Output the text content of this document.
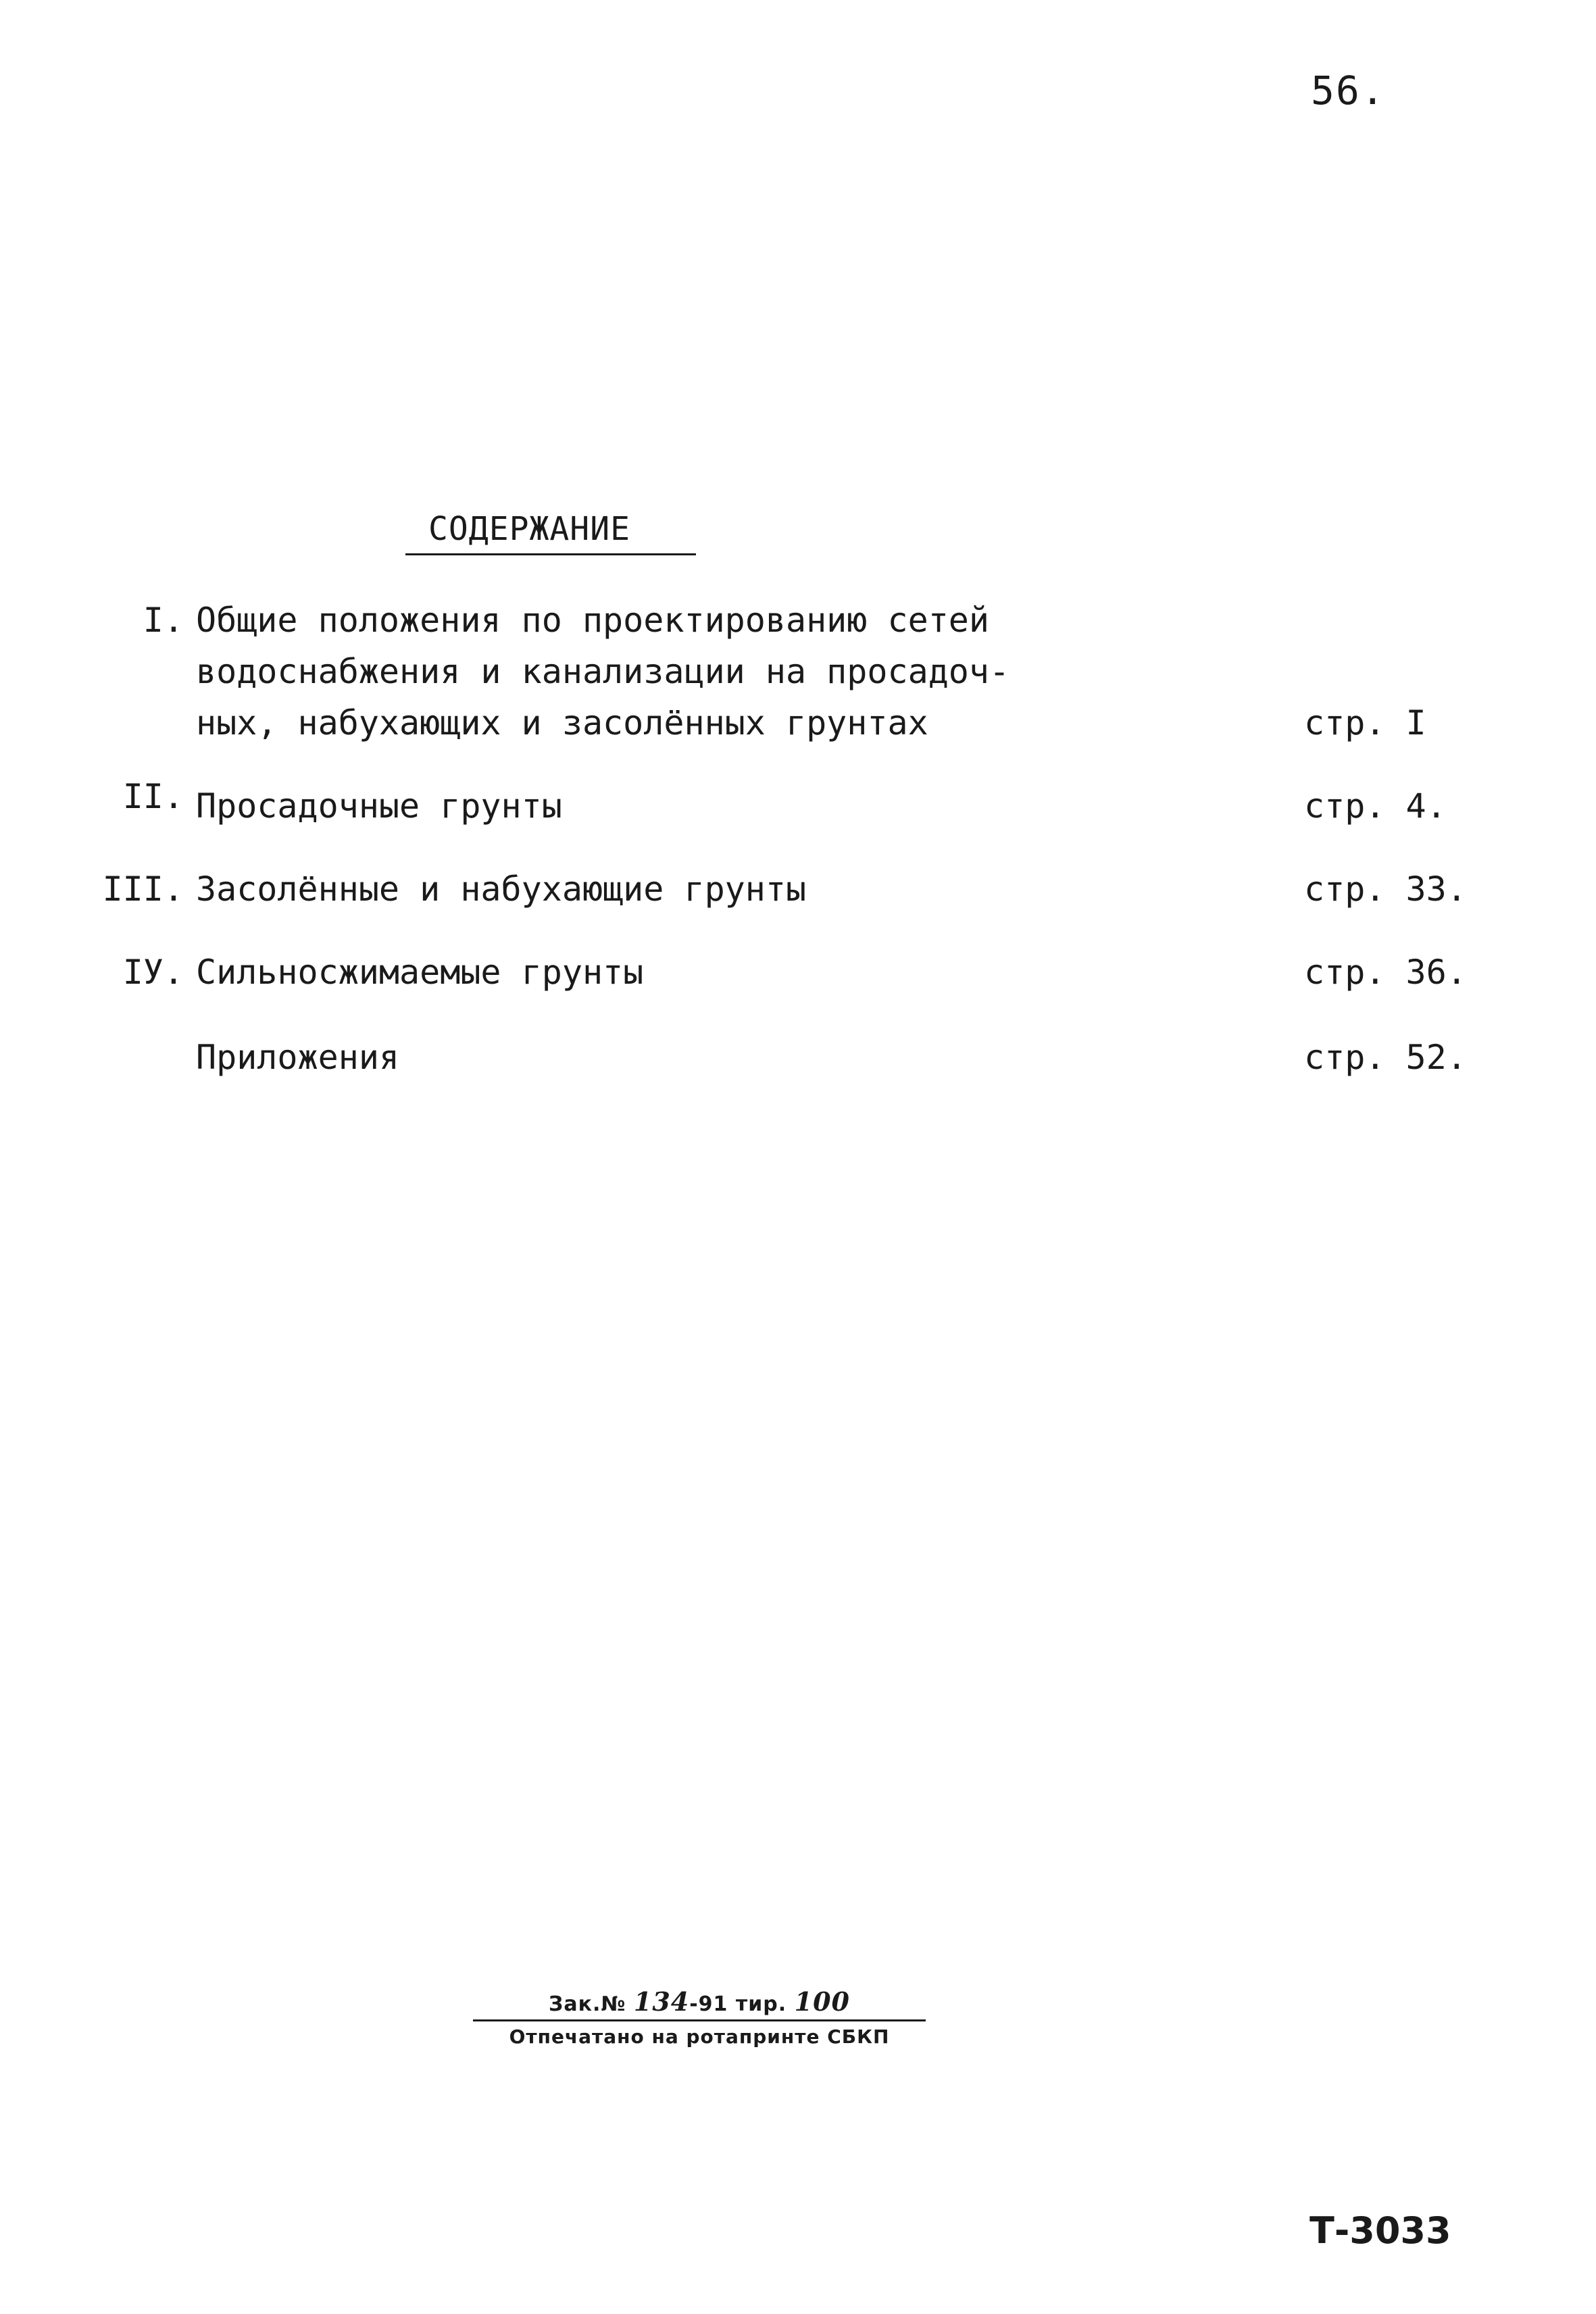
56.
СОДЕРЖАНИЕ
I. Общие положения по проектированию сетей
водоснабжения и канализации на просадоч-
ных, набухающих и засолённых грунтах	стр. I
II. Просадочные грунты	стр. 4.
III. Засолённые и набухающие грунты	стр. 33.
IУ. Сильносжимаемые грунты	стр. 36.
Приложения	стр. 52.
Зак.№ 134-91 тир. 100
Отпечатано на ротапринте СБКП
Т-3033
